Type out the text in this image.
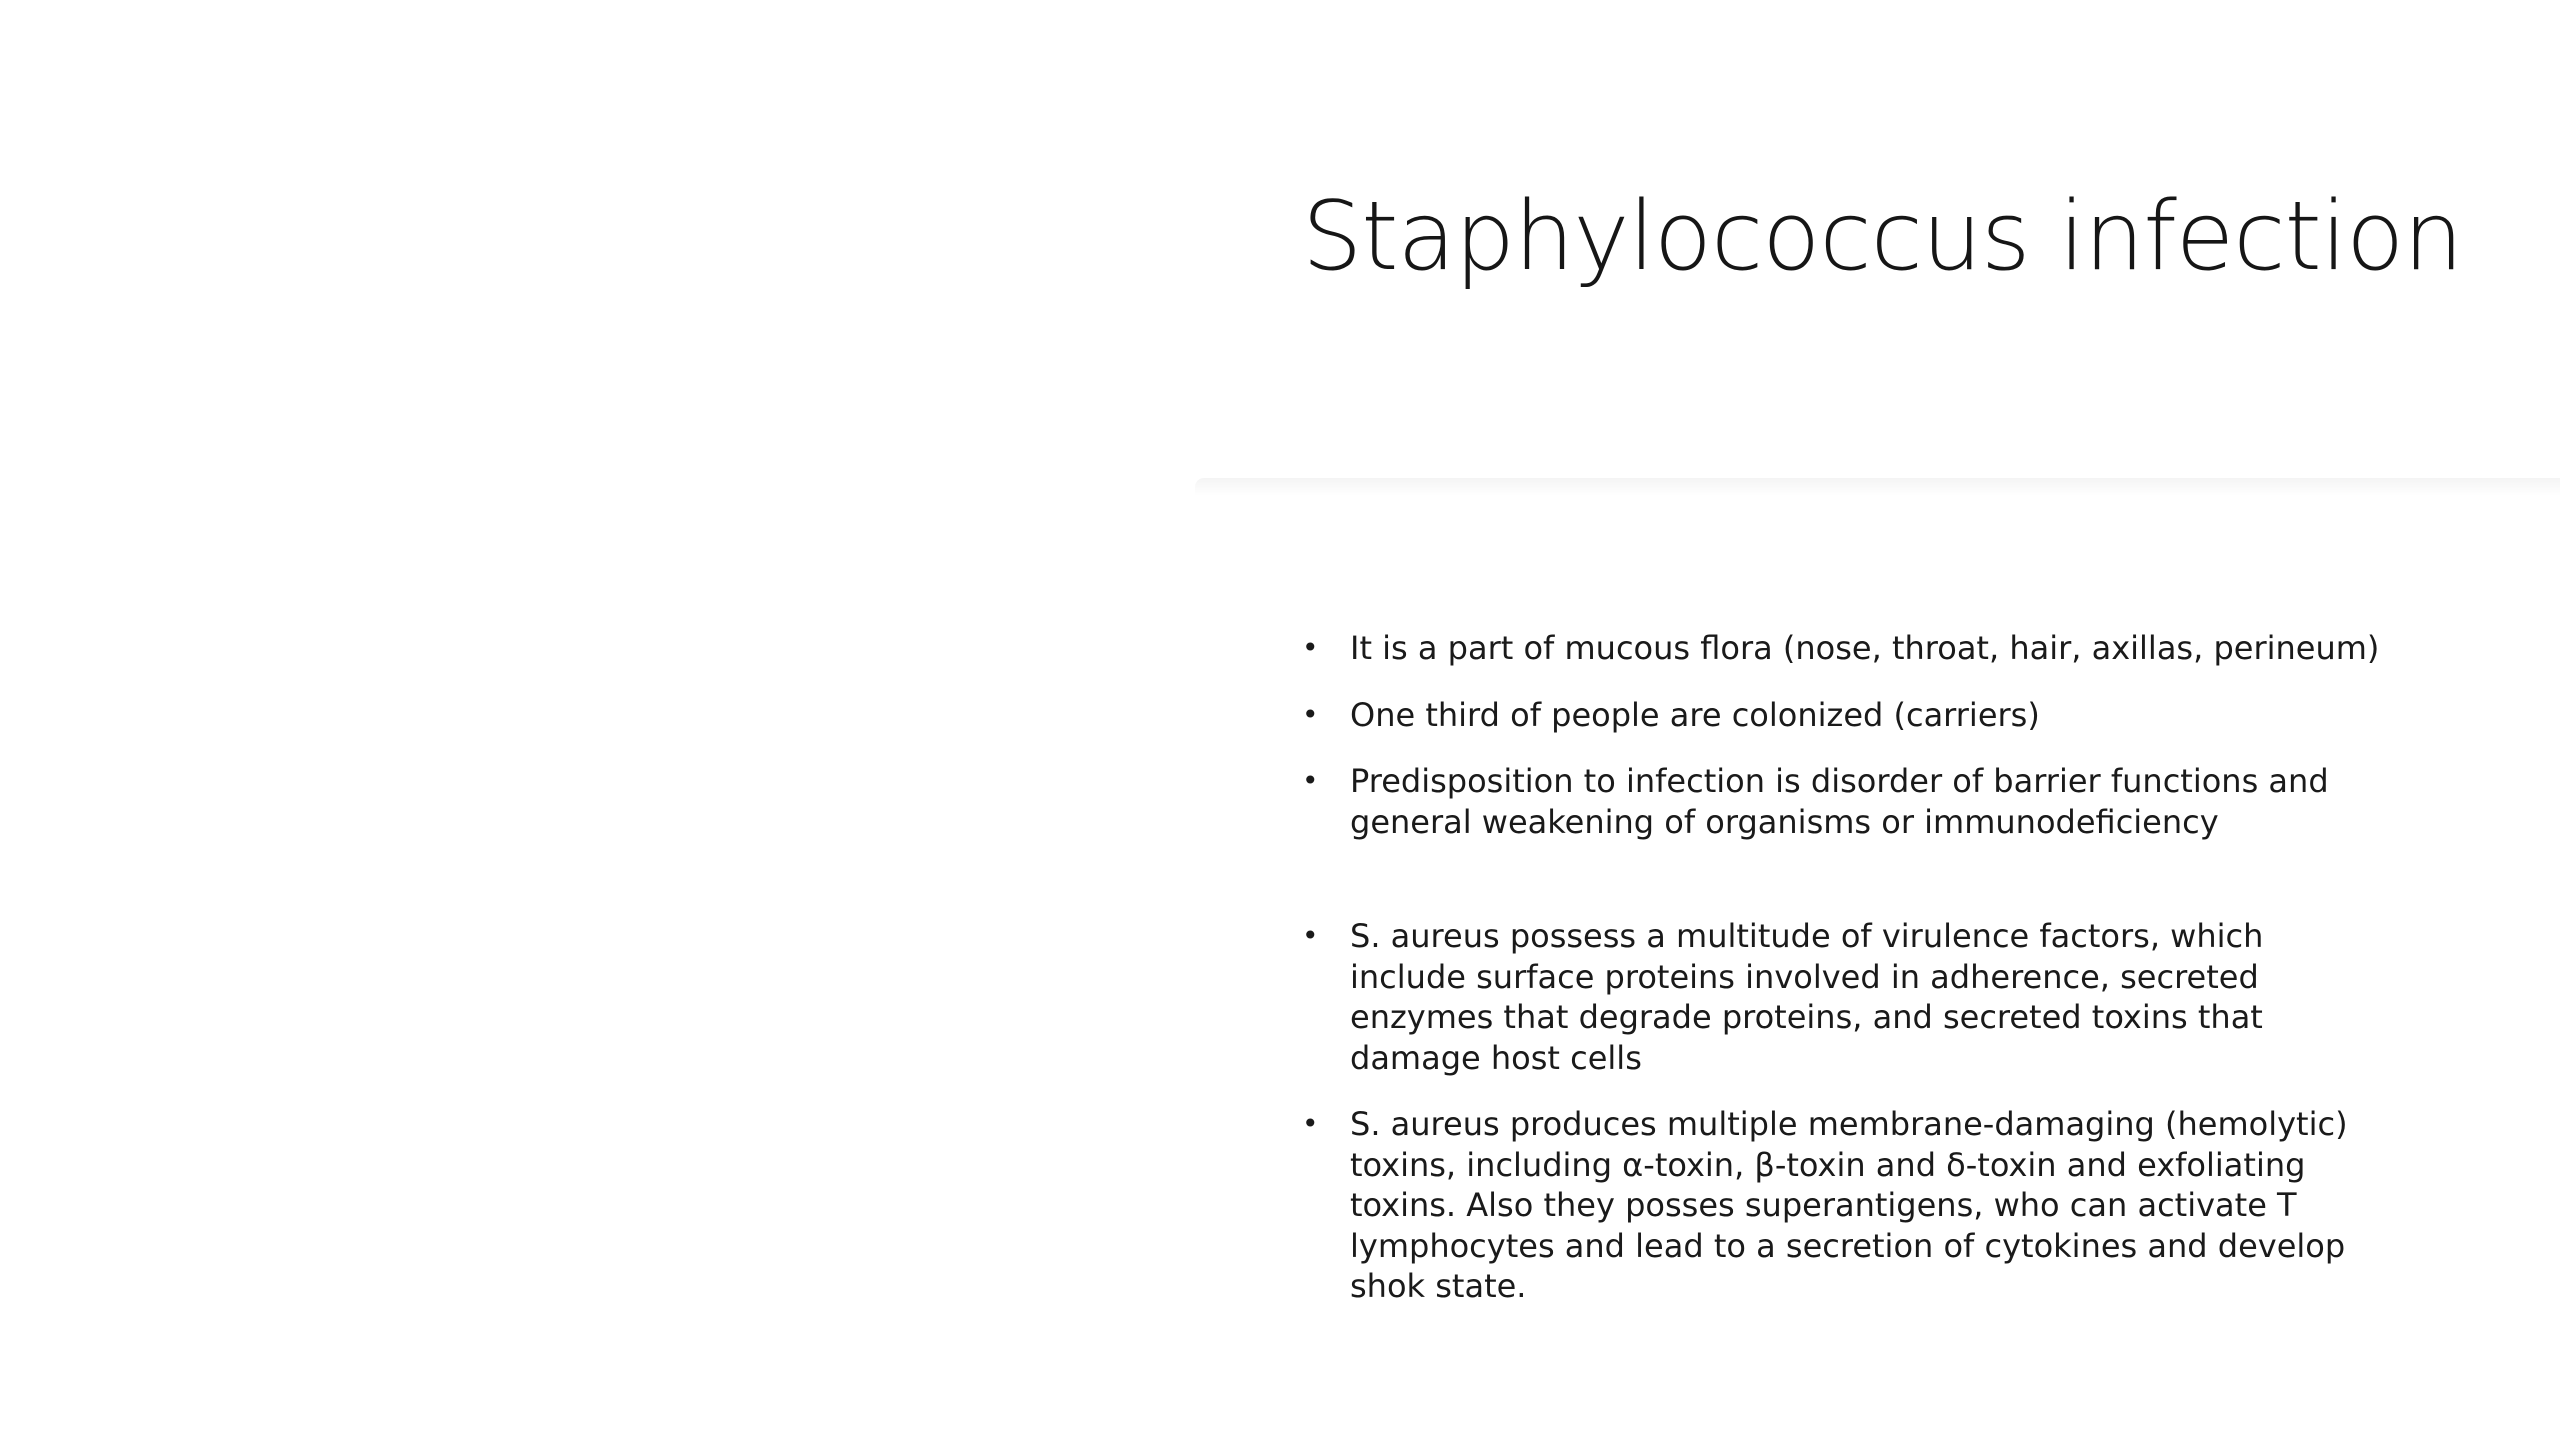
Staphylococcus infection
• It is a part of mucous flora (nose, throat, hair, axillas, perineum)
• One third of people are colonized (carriers)
• Predisposition to infection is disorder of barrier functions and general weakening of organisms or immunodeficiency
• S. aureus possess a multitude of virulence factors, which include surface proteins involved in adherence, secreted enzymes that degrade proteins, and secreted toxins that damage host cells
• S. aureus produces multiple membrane-damaging (hemolytic) toxins, including α-toxin, β-toxin and δ-toxin and exfoliating toxins. Also they posses superantigens, who can activate T lymphocytes and lead to a secretion of cytokines and develop shok state.
